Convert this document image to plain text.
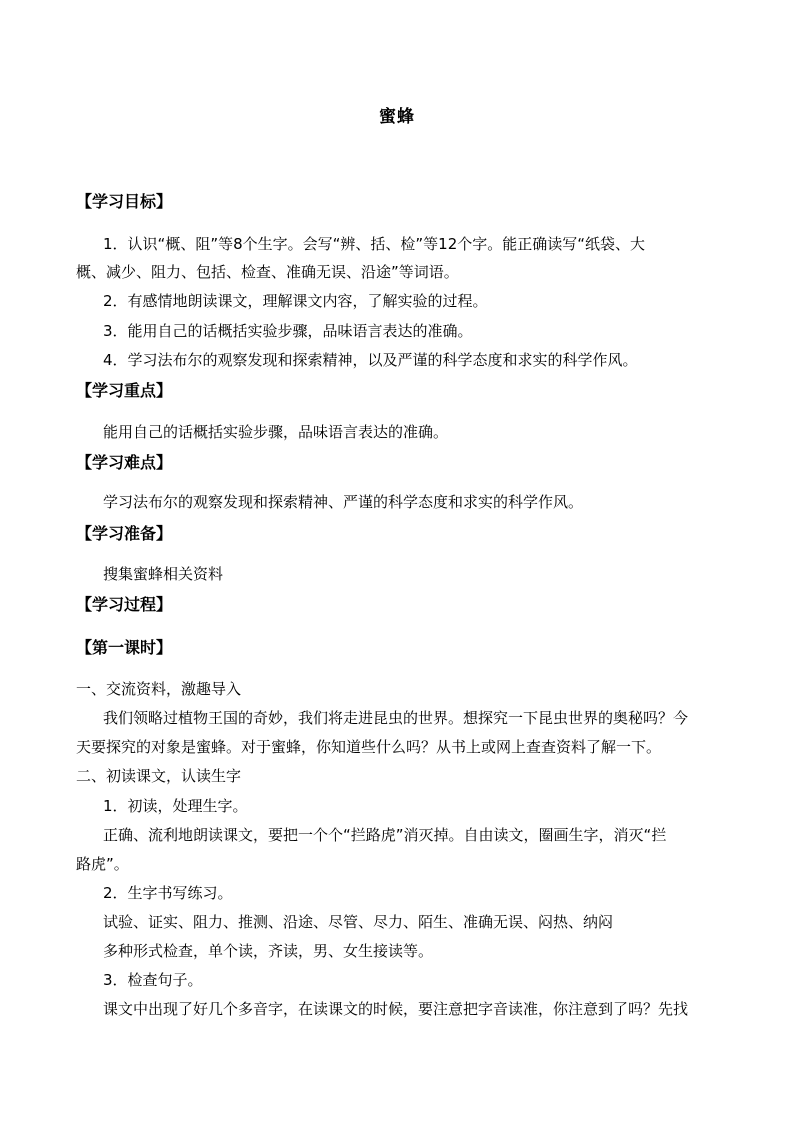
蜜蜂
【学习目标】
1．认识“概、阻”等8个生字。会写“辨、括、检”等12个字。能正确读写“纸袋、大
概、减少、阻力、包括、检查、准确无误、沿途”等词语。
2．有感情地朗读课文，理解课文内容，了解实验的过程。
3．能用自己的话概括实验步骤，品味语言表达的准确。
4．学习法布尔的观察发现和探索精神，以及严谨的科学态度和求实的科学作风。
【学习重点】
能用自己的话概括实验步骤，品味语言表达的准确。
【学习难点】
学习法布尔的观察发现和探索精神、严谨的科学态度和求实的科学作风。
【学习准备】
搜集蜜蜂相关资料
【学习过程】
【第一课时】
一、交流资料，激趣导入
我们领略过植物王国的奇妙，我们将走进昆虫的世界。想探究一下昆虫世界的奥秘吗？今
天要探究的对象是蜜蜂。对于蜜蜂，你知道些什么吗？从书上或网上查查资料了解一下。
二、初读课文，认读生字
1．初读，处理生字。
正确、流利地朗读课文，要把一个个“拦路虎”消灭掉。自由读文，圈画生字，消灭“拦
路虎”。
2．生字书写练习。
试验、证实、阻力、推测、沿途、尽管、尽力、陌生、准确无误、闷热、纳闷
多种形式检查，单个读，齐读，男、女生接读等。
3．检查句子。
课文中出现了好几个多音字，在读课文的时候，要注意把字音读准，你注意到了吗？先找
